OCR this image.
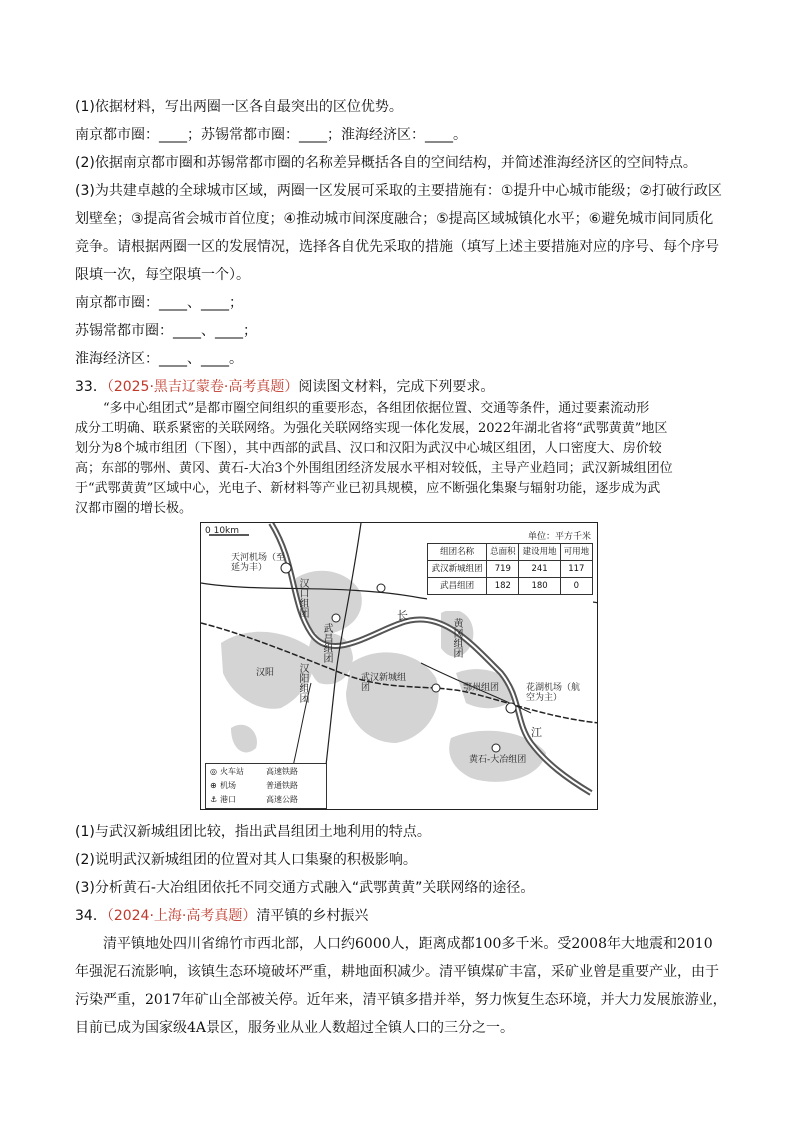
(1)依据材料，写出两圈一区各自最突出的区位优势。
南京都市圈：____；苏锡常都市圈：____；淮海经济区：____。
(2)依据南京都市圈和苏锡常都市圈的名称差异概括各自的空间结构，并简述淮海经济区的空间特点。
(3)为共建卓越的全球城市区域，两圈一区发展可采取的主要措施有：①提升中心城市能级；②打破行政区
划壁垒；③提高省会城市首位度；④推动城市间深度融合；⑤提高区域城镇化水平；⑥避免城市间同质化
竞争。请根据两圈一区的发展情况，选择各自优先采取的措施（填写上述主要措施对应的序号、每个序号
限填一次，每空限填一个）。
南京都市圈：____、____；
苏锡常都市圈：____、____；
淮海经济区：____、____。
33．（2025·黑吉辽蒙卷·高考真题）阅读图文材料，完成下列要求。
“多中心组团式”是都市圈空间组织的重要形态，各组团依据位置、交通等条件，通过要素流动形
成分工明确、联系紧密的关联网络。为强化关联网络实现一体化发展，2022年湖北省将“武鄂黄黄”地区
划分为8个城市组团（下图），其中西部的武昌、汉口和汉阳为武汉中心城区组团，人口密度大、房价较
高；东部的鄂州、黄冈、黄石-大冶3个外围组团经济发展水平相对较低，主导产业趋同；武汉新城组团位
0 10km
天河机场（至延为丰）
汉口组团
武昌组团
汉阳组团
汉阳	武汉新城组团
黄冈组团
鄂州组团	花湖机场（航空为主）
黄石-大冶组团
长
江
单位：平方千米
组团名称	总面积	建设用地	可用地
武汉新城组团	719	241	117
武昌组团	182	180	0
◎ 火车站	高速铁路
⊕ 机场	普通铁路
⚓ 港口	高速公路
(1)与武汉新城组团比较，指出武昌组团土地利用的特点。
(2)说明武汉新城组团的位置对其人口集聚的积极影响。
(3)分析黄石-大冶组团依托不同交通方式融入“武鄂黄黄”关联网络的途径。
34．（2024·上海·高考真题）清平镇的乡村振兴
清平镇地处四川省绵竹市西北部，人口约6000人，距离成都100多千米。受2008年大地震和2010
年强泥石流影响，该镇生态环境破坏严重，耕地面积减少。清平镇煤矿丰富，采矿业曾是重要产业，由于
污染严重，2017年矿山全部被关停。近年来，清平镇多措并举，努力恢复生态环境，并大力发展旅游业，
目前已成为国家级4A景区，服务业从业人数超过全镇人口的三分之一。
于“武鄂黄黄”区域中心，光电子、新材料等产业已初具规模，应不断强化集聚与辐射功能，逐步成为武
汉都市圈的增长极。
